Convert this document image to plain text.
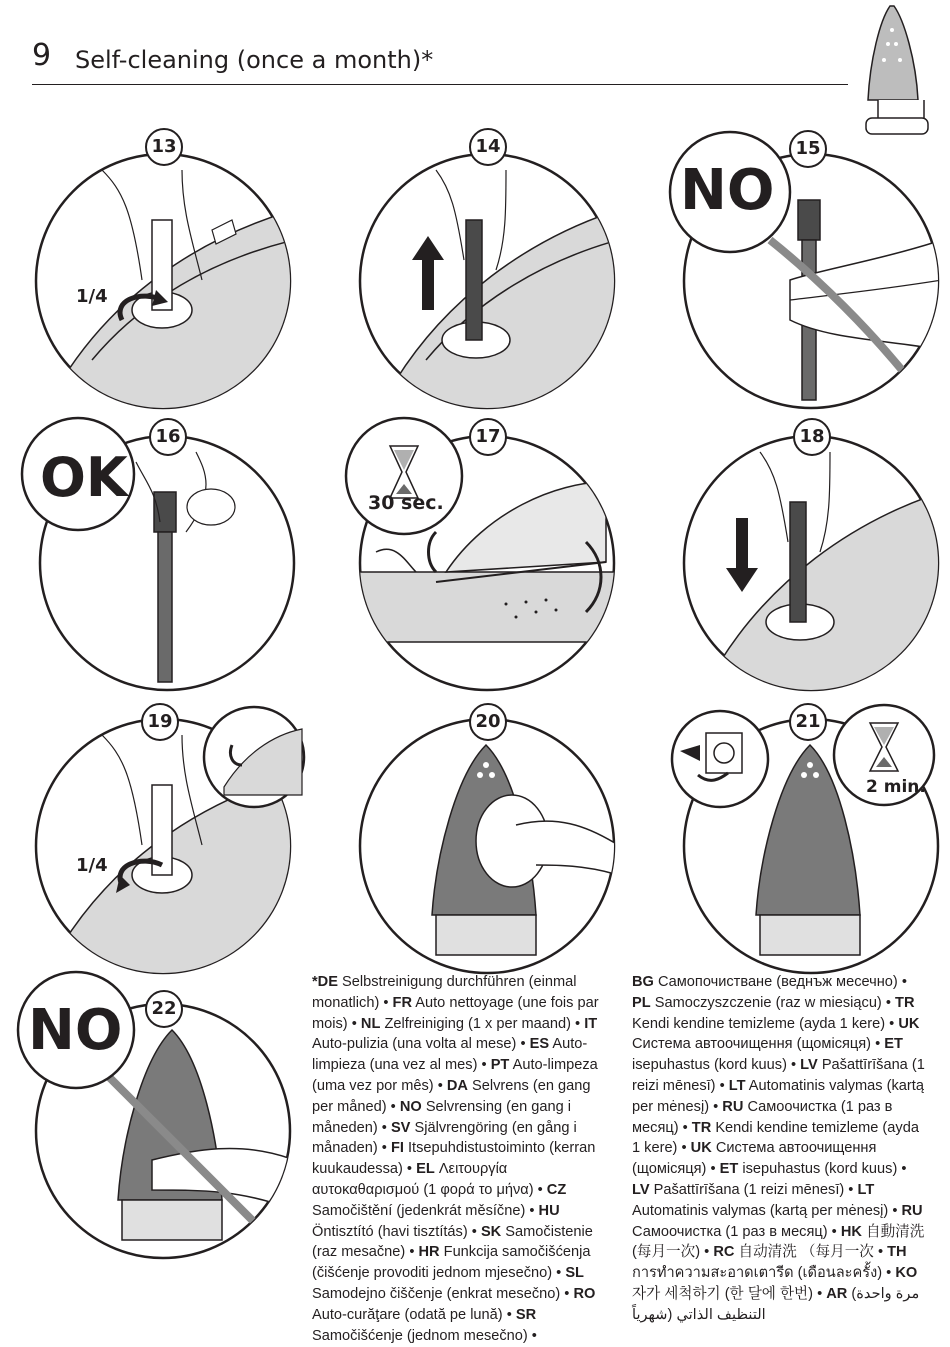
9 Self-cleaning (once a month)*
13
1/4
14	15
NO
16
OK
17
30 sec.
18
19
1/4
20	21
2 min.
22
NO
*DE Selbstreinigung durchführen (einmal monatlich) • FR Auto nettoyage (une fois par mois) • NL Zelfreiniging (1 x per maand) • IT Auto-pulizia (una volta al mese) • ES Auto-limpieza (una vez al mes) • PT Auto-limpeza (uma vez por mês) • DA Selvrens (en gang per måned) • NO Selvrensing (en gang i måneden) • SV Självrengöring (en gång i månaden) • FI Itsepuhdistustoiminto (kerran kuukaudessa) • EL Λειτουργία αυτοκαθαρισμού (1 φορά το μήνα) • CZ Samočištění (jedenkrát měsíčne) • HU Öntisztító (havi tisztítás) • SK Samočistenie (raz mesačne) • HR Funkcija samočišćenja (čišćenje provoditi jednom mjesečno) • SL Samodejno čiščenje (enkrat mesečno) • RO Auto-curăţare (odată pe lună) • SR Samočišćenje (jednom mesečno) •
BG Самопочистване (веднъж месечно) • PL Samoczyszczenie (raz w miesiącu) • TR Kendi kendine temizleme (ayda 1 kere) • UK Система автоочищення (щомісяця) • ET isepuhastus (kord kuus) • LV Pašattīrīšana (1 reizi mēnesī) • LT Automatinis valymas (kartą per mėnesį) • RU Самоочистка (1 раз в месяц) • TR Kendi kendine temizleme (ayda 1 kere) • UK Система автоочищення (щомісяця) • ET isepuhastus (kord kuus) • LV Pašattīrīšana (1 reizi mēnesī) • LT Automatinis valymas (kartą per mėnesį) • RU Самоочистка (1 раз в месяц) • HK 自動清洗 (每月一次) • RC 自动清洗 （每月一次 • TH การทำความสะอาดเตารีด (เดือนละครั้ง) • KO 자가 세척하기 (한 달에 한번) • AR (مرة واحدة شهرياً) التنظيف الذاتي
